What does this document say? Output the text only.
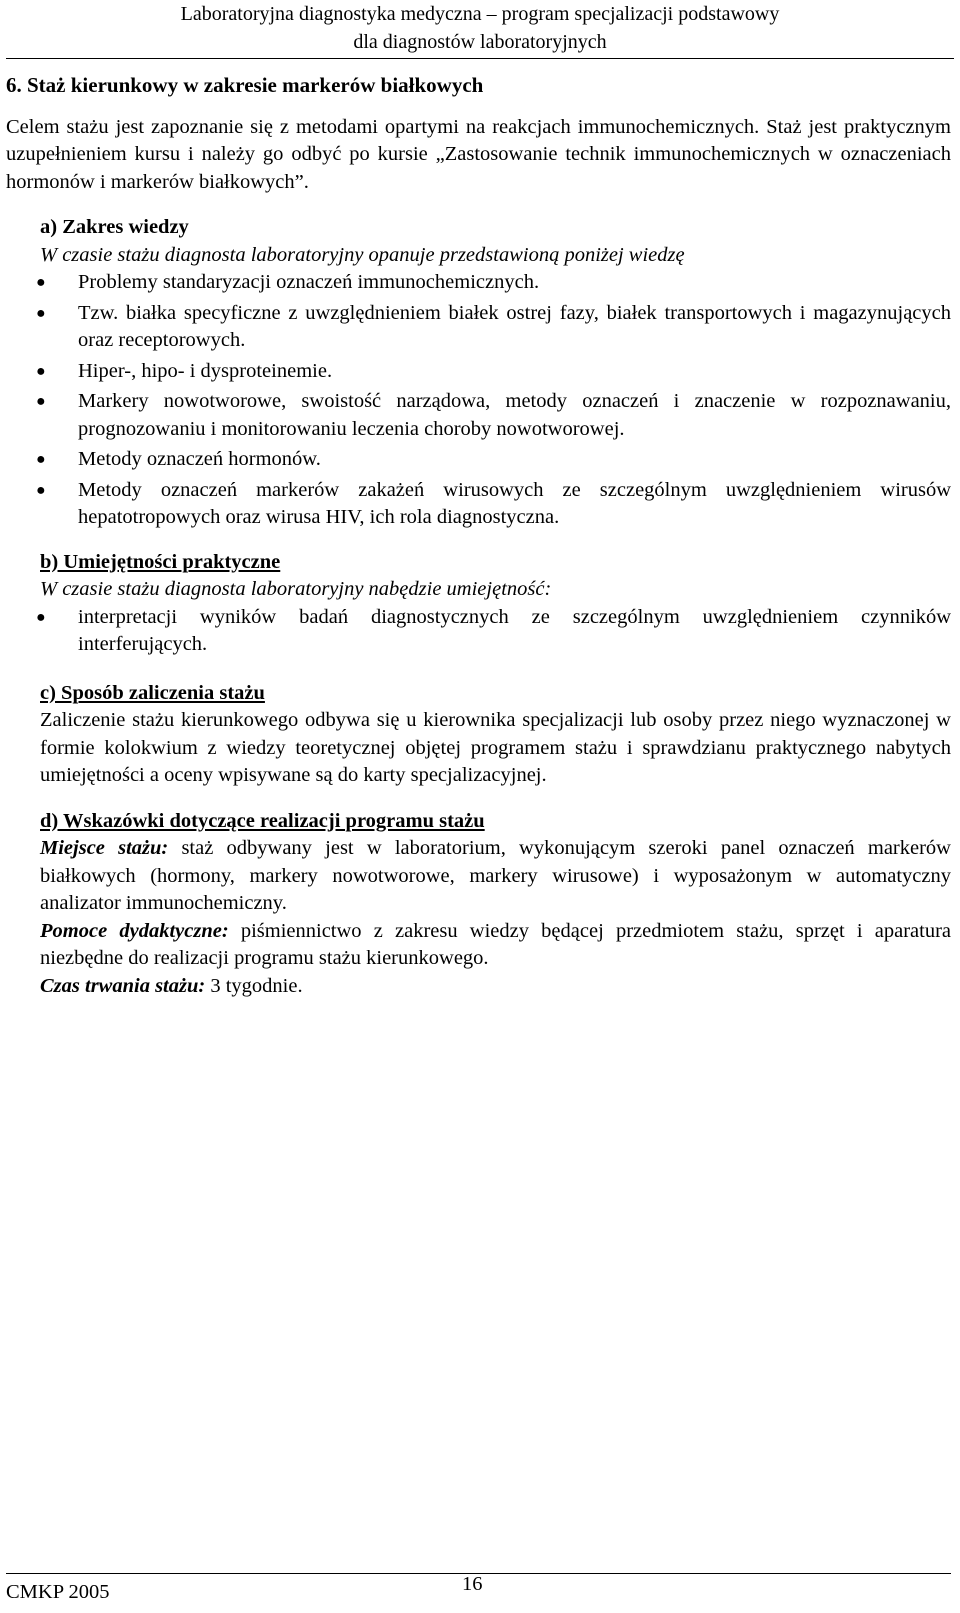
Laboratoryjna diagnostyka medyczna – program specjalizacji podstawowy
dla diagnostów laboratoryjnych
6. Staż kierunkowy w zakresie markerów białkowych

Celem stażu jest zapoznanie się z metodami opartymi na reakcjach immunochemicznych. Staż jest praktycznym uzupełnieniem kursu i należy go odbyć po kursie „Zastosowanie technik immunochemicznych w oznaczeniach hormonów i markerów białkowych”.

a) Zakres wiedzy
W czasie stażu diagnosta laboratoryjny opanuje przedstawioną poniżej wiedzę
● Problemy standaryzacji oznaczeń immunochemicznych.
● Tzw. białka specyficzne z uwzględnieniem białek ostrej fazy, białek transportowych i magazynujących oraz receptorowych.
● Hiper-, hipo- i dysproteinemie.
● Markery nowotworowe, swoistość narządowa, metody oznaczeń i znaczenie w rozpoznawaniu, prognozowaniu i monitorowaniu leczenia choroby nowotworowej.
● Metody oznaczeń hormonów.
● Metody oznaczeń markerów zakażeń wirusowych ze szczególnym uwzględnieniem wirusów hepatotropowych oraz wirusa HIV, ich rola diagnostyczna.
b) Umiejętności praktyczne
W czasie stażu diagnosta laboratoryjny nabędzie umiejętność:
● interpretacji wyników badań diagnostycznych ze szczególnym uwzględnieniem czynników interferujących.
c) Sposób zaliczenia stażu

Zaliczenie stażu kierunkowego odbywa się u kierownika specjalizacji lub osoby przez niego wyznaczonej w formie kolokwium z wiedzy teoretycznej objętej programem stażu i sprawdzianu praktycznego nabytych umiejętności a oceny wpisywane są do karty specjalizacyjnej.

d) Wskazówki dotyczące realizacji programu stażu

Miejsce stażu: staż odbywany jest w laboratorium, wykonującym szeroki panel oznaczeń markerów białkowych (hormony, markery nowotworowe, markery wirusowe) i wyposażonym w automatyczny analizator immunochemiczny.

Pomoce dydaktyczne: piśmiennictwo z zakresu wiedzy będącej przedmiotem stażu, sprzęt i aparatura niezbędne do realizacji programu stażu kierunkowego.

Czas trwania stażu: 3 tygodnie.

CMKP 2005	16
